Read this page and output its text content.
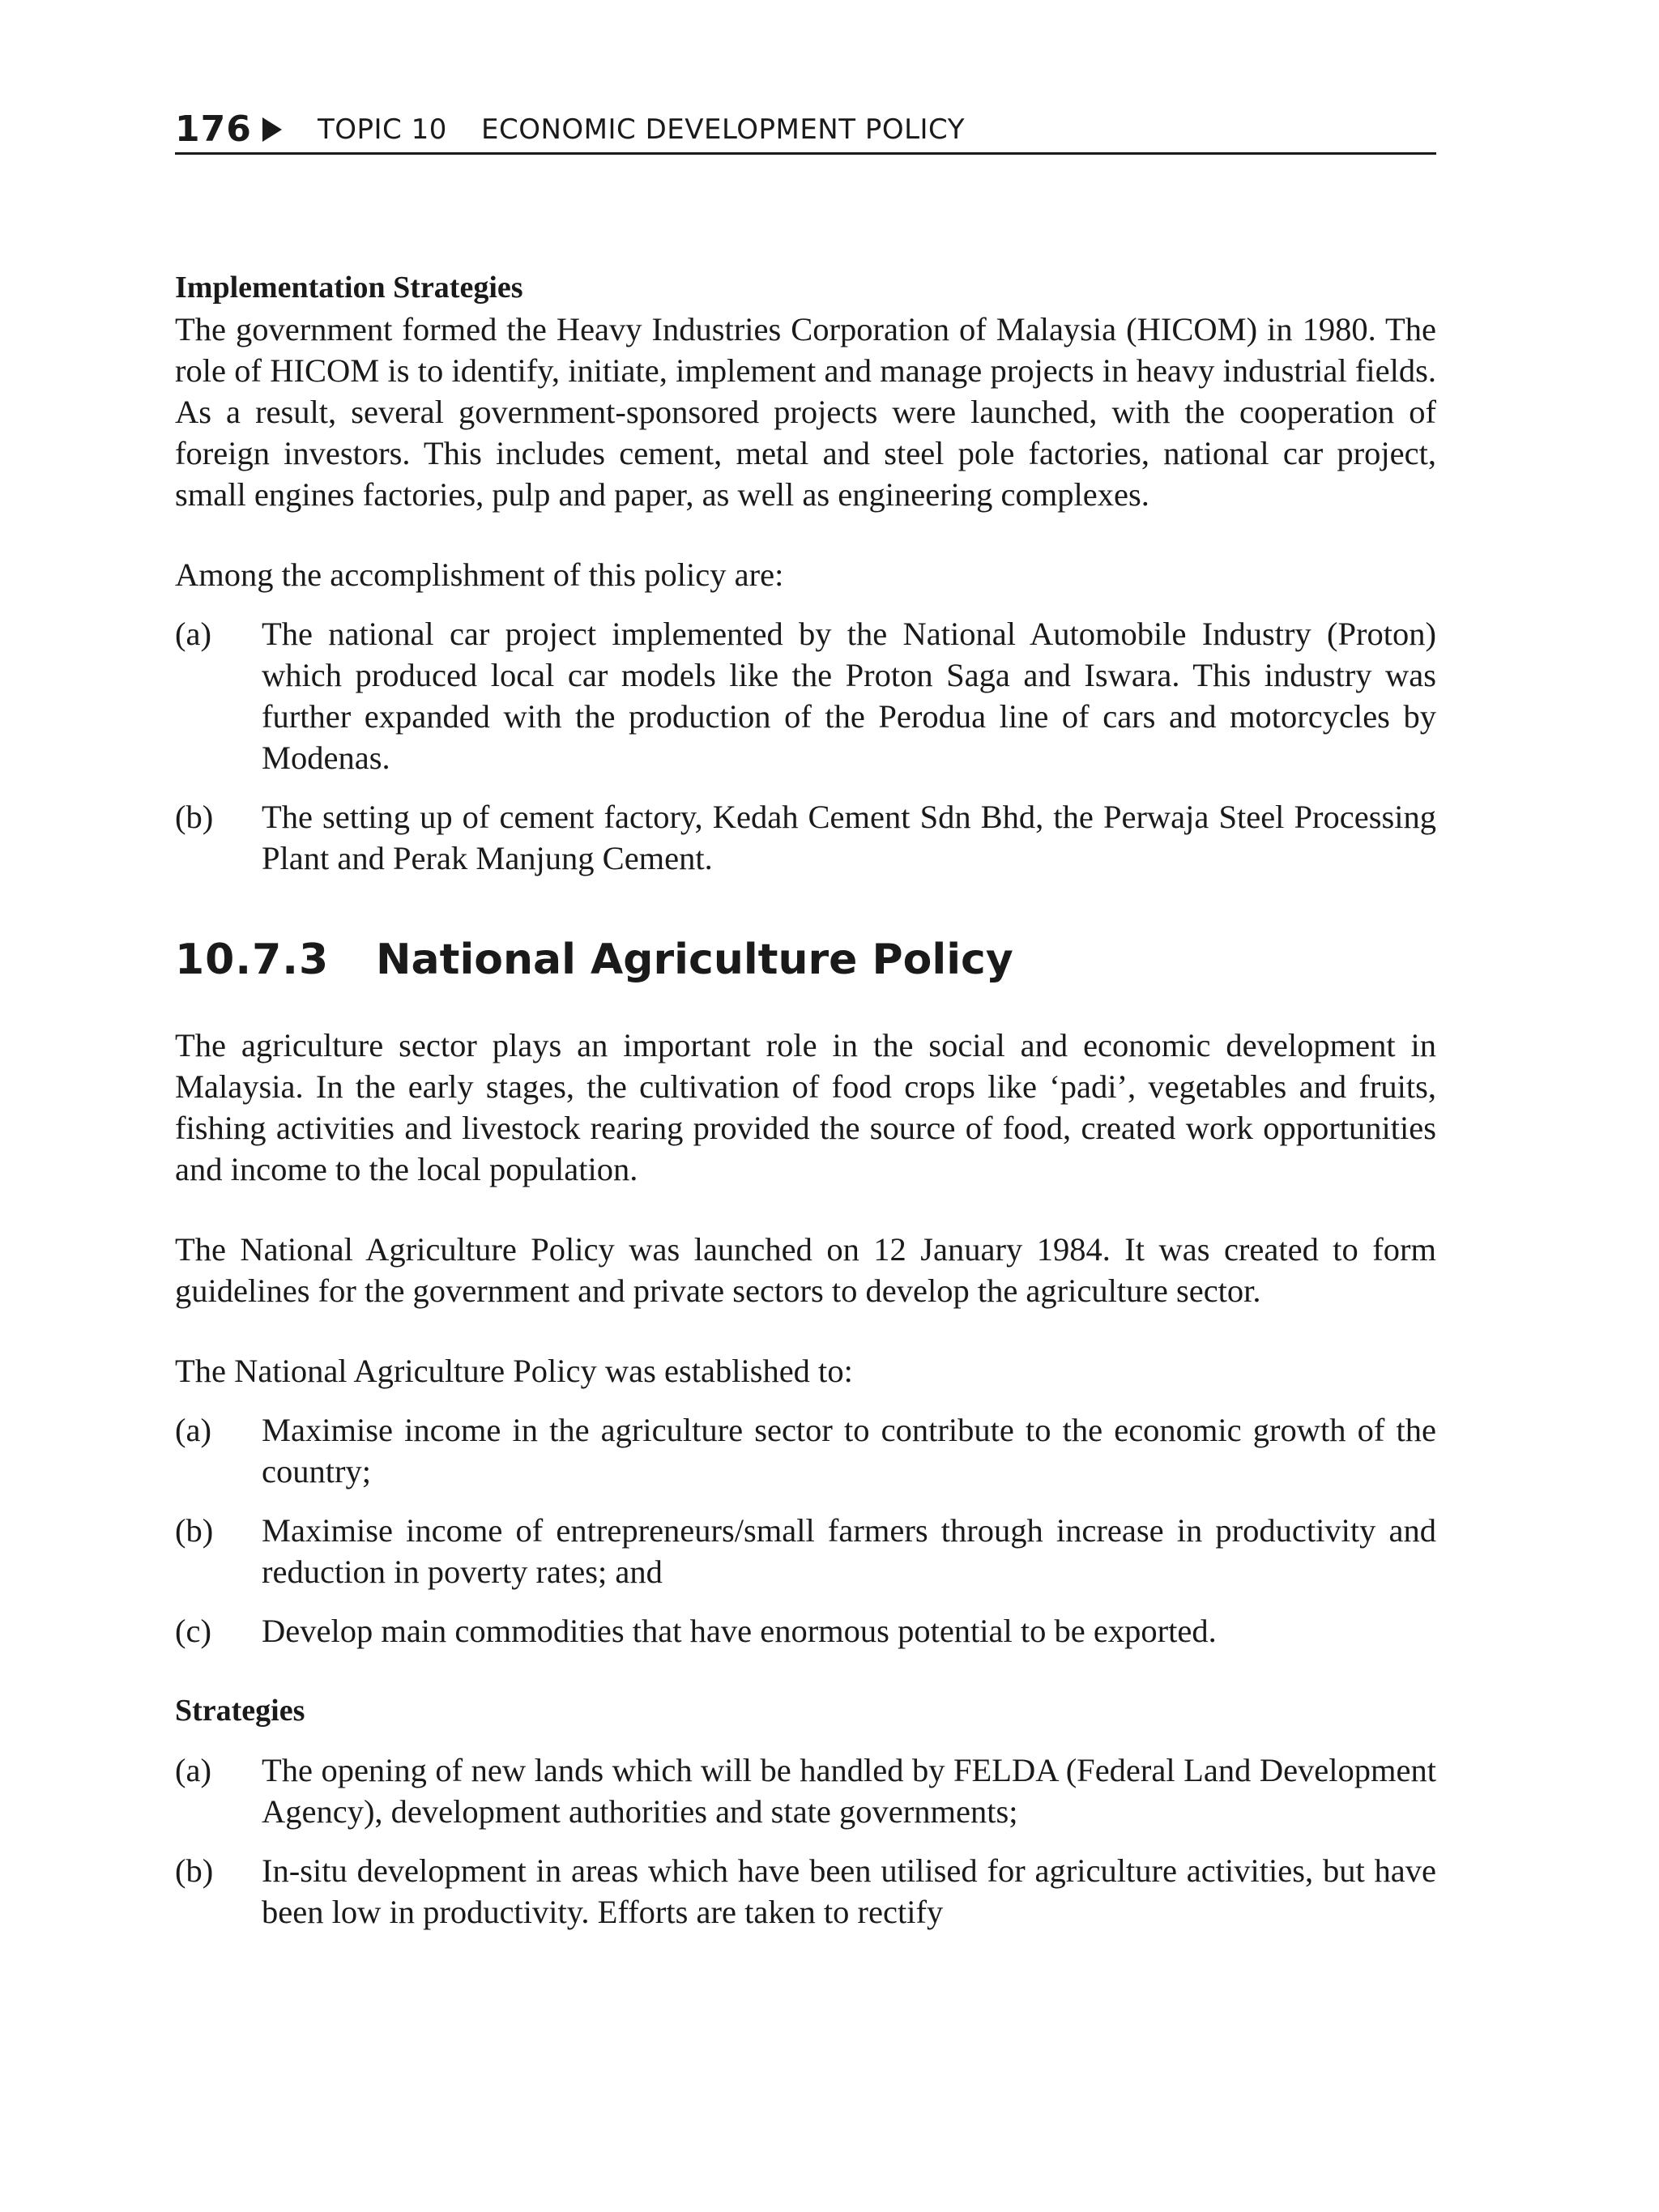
176 TOPIC 10 ECONOMIC DEVELOPMENT POLICY
Implementation Strategies

The government formed the Heavy Industries Corporation of Malaysia (HICOM) in 1980. The role of HICOM is to identify, initiate, implement and manage projects in heavy industrial fields. As a result, several government-sponsored projects were launched, with the cooperation of foreign investors. This includes cement, metal and steel pole factories, national car project, small engines factories, pulp and paper, as well as engineering complexes.

Among the accomplishment of this policy are:

(a) The national car project implemented by the National Automobile Industry (Proton) which produced local car models like the Proton Saga and Iswara. This industry was further expanded with the production of the Perodua line of cars and motorcycles by Modenas.
(b) The setting up of cement factory, Kedah Cement Sdn Bhd, the Perwaja Steel Processing Plant and Perak Manjung Cement.
10.7.3 National Agriculture Policy

The agriculture sector plays an important role in the social and economic development in Malaysia. In the early stages, the cultivation of food crops like ‘padi’, vegetables and fruits, fishing activities and livestock rearing provided the source of food, created work opportunities and income to the local population.

The National Agriculture Policy was launched on 12 January 1984. It was created to form guidelines for the government and private sectors to develop the agriculture sector.

The National Agriculture Policy was established to:

(a) Maximise income in the agriculture sector to contribute to the economic growth of the country;
(b) Maximise income of entrepreneurs/small farmers through increase in productivity and reduction in poverty rates; and
(c) Develop main commodities that have enormous potential to be exported.
Strategies
(a) The opening of new lands which will be handled by FELDA (Federal Land Development Agency), development authorities and state governments;
(b) In-situ development in areas which have been utilised for agriculture activities, but have been low in productivity. Efforts are taken to rectify
